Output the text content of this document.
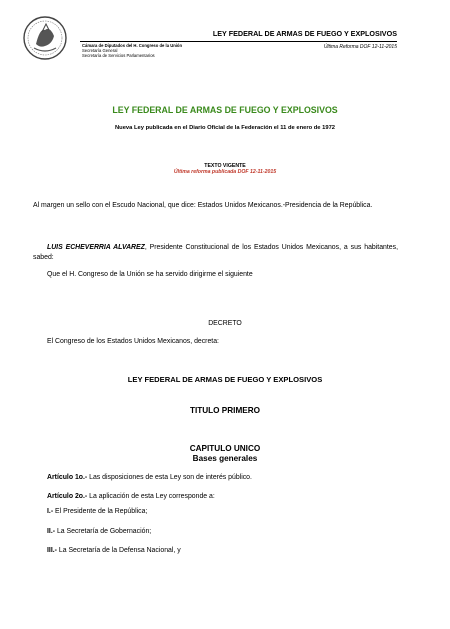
Cámara de Diputados del H. Congreso de la Unión
Secretaría General
Secretaría de Servicios Parlamentarios
LEY FEDERAL DE ARMAS DE FUEGO Y EXPLOSIVOS
Última Reforma DOF 12-11-2015
LEY FEDERAL DE ARMAS DE FUEGO Y EXPLOSIVOS
Nueva Ley publicada en el Diario Oficial de la Federación el 11 de enero de 1972
TEXTO VIGENTE
Última reforma publicada DOF 12-11-2015
Al margen un sello con el Escudo Nacional, que dice: Estados Unidos Mexicanos.-Presidencia de la República.
LUIS ECHEVERRIA ALVAREZ, Presidente Constitucional de los Estados Unidos Mexicanos, a sus habitantes, sabed:
Que el H. Congreso de la Unión se ha servido dirigirme el siguiente
DECRETO
El Congreso de los Estados Unidos Mexicanos, decreta:
LEY FEDERAL DE ARMAS DE FUEGO Y EXPLOSIVOS
TITULO PRIMERO
CAPITULO UNICO
Bases generales
Artículo 1o.- Las disposiciones de esta Ley son de interés público.
Artículo 2o.- La aplicación de esta Ley corresponde a:
I.- El Presidente de la República;
II.- La Secretaría de Gobernación;
III.- La Secretaría de la Defensa Nacional, y
